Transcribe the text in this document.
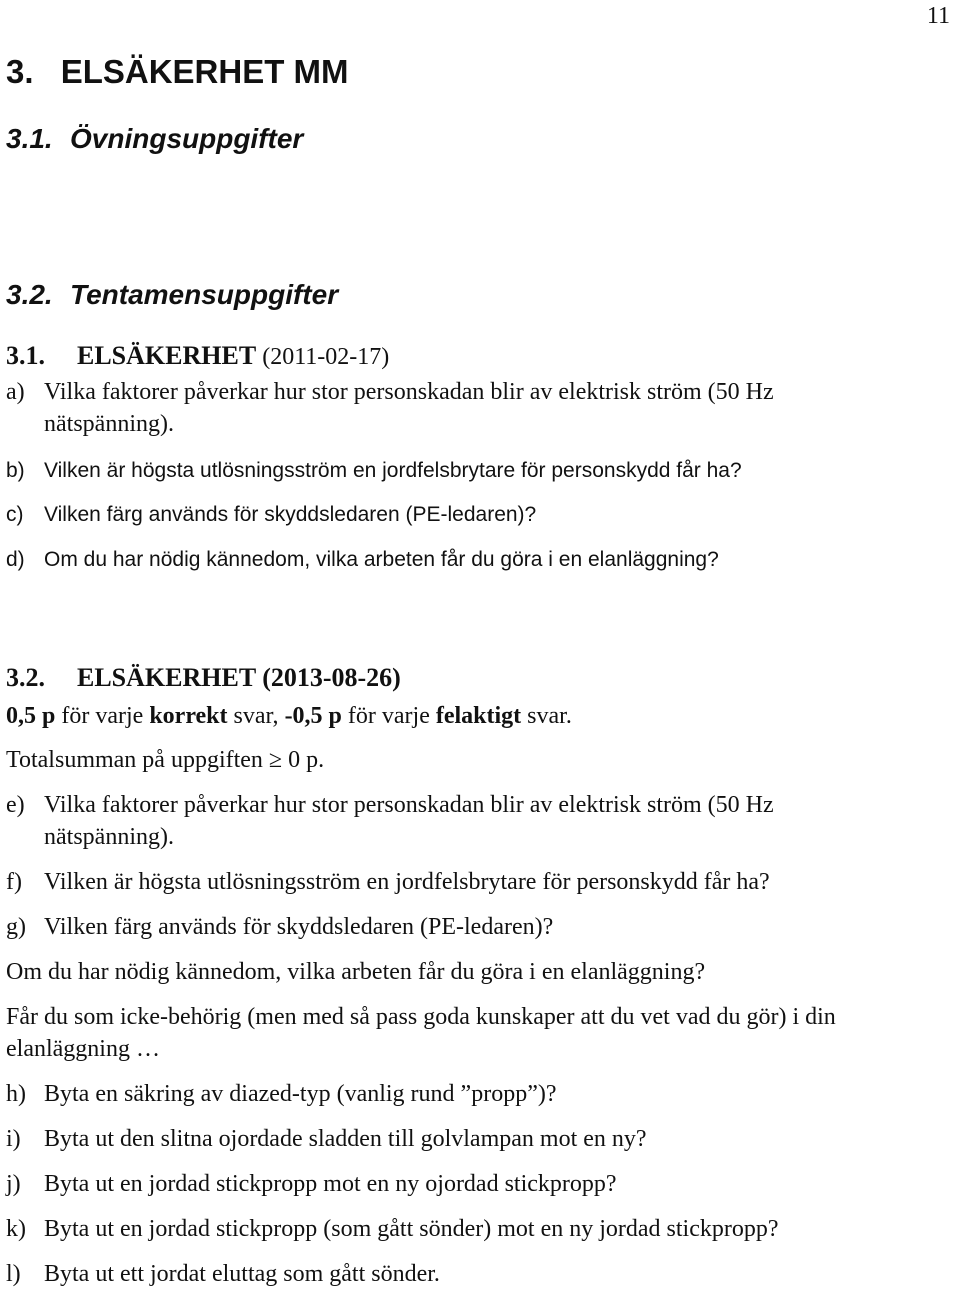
11
3. ELSÄKERHET MM
3.1. Övningsuppgifter
3.2. Tentamensuppgifter
3.1. ELSÄKERHET (2011-02-17)
a) Vilka faktorer påverkar hur stor personskadan blir av elektrisk ström (50 Hz
nätspänning).
b) Vilken är högsta utlösningsström en jordfelsbrytare för personskydd får ha?
c) Vilken färg används för skyddsledaren (PE-ledaren)?
d) Om du har nödig kännedom, vilka arbeten får du göra i en elanläggning?
3.2. ELSÄKERHET (2013-08-26)
0,5 p för varje korrekt svar, -0,5 p för varje felaktigt svar.
Totalsumman på uppgiften ≥ 0 p.
e) Vilka faktorer påverkar hur stor personskadan blir av elektrisk ström (50 Hz
nätspänning).
f) Vilken är högsta utlösningsström en jordfelsbrytare för personskydd får ha?
g) Vilken färg används för skyddsledaren (PE-ledaren)?
Om du har nödig kännedom, vilka arbeten får du göra i en elanläggning?
Får du som icke-behörig (men med så pass goda kunskaper att du vet vad du gör) i din
elanläggning …
h) Byta en säkring av diazed-typ (vanlig rund ”propp”)?
i) Byta ut den slitna ojordade sladden till golvlampan mot en ny?
j) Byta ut en jordad stickpropp mot en ny ojordad stickpropp?
k) Byta ut en jordad stickpropp (som gått sönder) mot en ny jordad stickpropp?
l) Byta ut ett jordat eluttag som gått sönder.
